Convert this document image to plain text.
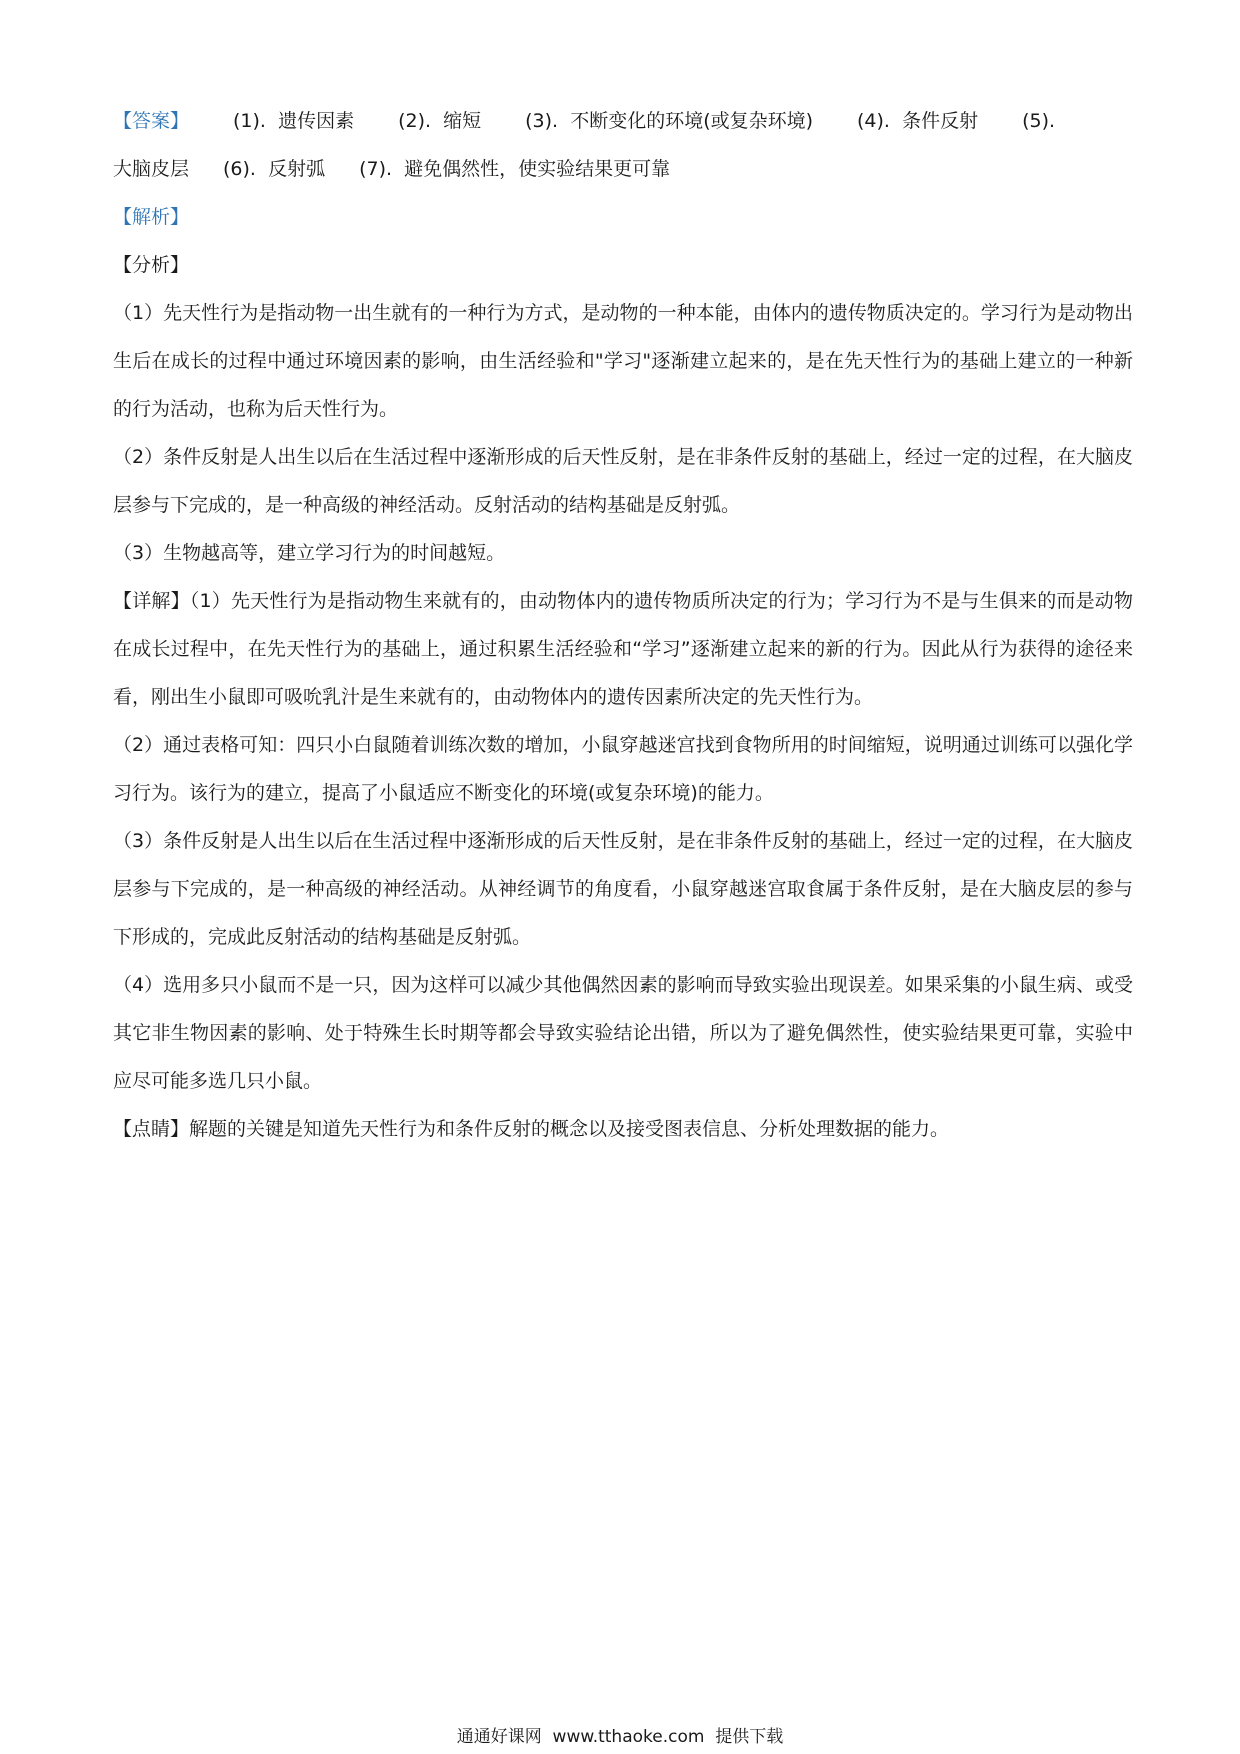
【答案】 (1). 遗传因素 (2). 缩短 (3). 不断变化的环境(或复杂环境) (4). 条件反射 (5).

大脑皮层 (6). 反射弧 (7). 避免偶然性，使实验结果更可靠

【解析】

【分析】

（1）先天性行为是指动物一出生就有的一种行为方式，是动物的一种本能，由体内的遗传物质决定的。学习行为是动物出生后在成长的过程中通过环境因素的影响，由生活经验和"学习"逐渐建立起来的，是在先天性行为的基础上建立的一种新的行为活动，也称为后天性行为。

（2）条件反射是人出生以后在生活过程中逐渐形成的后天性反射，是在非条件反射的基础上，经过一定的过程，在大脑皮层参与下完成的，是一种高级的神经活动。反射活动的结构基础是反射弧。

（3）生物越高等，建立学习行为的时间越短。

【详解】（1）先天性行为是指动物生来就有的，由动物体内的遗传物质所决定的行为；学习行为不是与生俱来的而是动物在成长过程中，在先天性行为的基础上，通过积累生活经验和“学习”逐渐建立起来的新的行为。因此从行为获得的途径来看，刚出生小鼠即可吸吮乳汁是生来就有的，由动物体内的遗传因素所决定的先天性行为。

（2）通过表格可知：四只小白鼠随着训练次数的增加，小鼠穿越迷宫找到食物所用的时间缩短，说明通过训练可以强化学习行为。该行为的建立，提高了小鼠适应不断变化的环境(或复杂环境)的能力。

（3）条件反射是人出生以后在生活过程中逐渐形成的后天性反射，是在非条件反射的基础上，经过一定的过程，在大脑皮层参与下完成的，是一种高级的神经活动。从神经调节的角度看，小鼠穿越迷宫取食属于条件反射，是在大脑皮层的参与下形成的，完成此反射活动的结构基础是反射弧。

（4）选用多只小鼠而不是一只，因为这样可以减少其他偶然因素的影响而导致实验出现误差。如果采集的小鼠生病、或受其它非生物因素的影响、处于特殊生长时期等都会导致实验结论出错，所以为了避免偶然性，使实验结果更可靠，实验中应尽可能多选几只小鼠。

【点睛】解题的关键是知道先天性行为和条件反射的概念以及接受图表信息、分析处理数据的能力。

通通好课网  www.tthaoke.com  提供下载
